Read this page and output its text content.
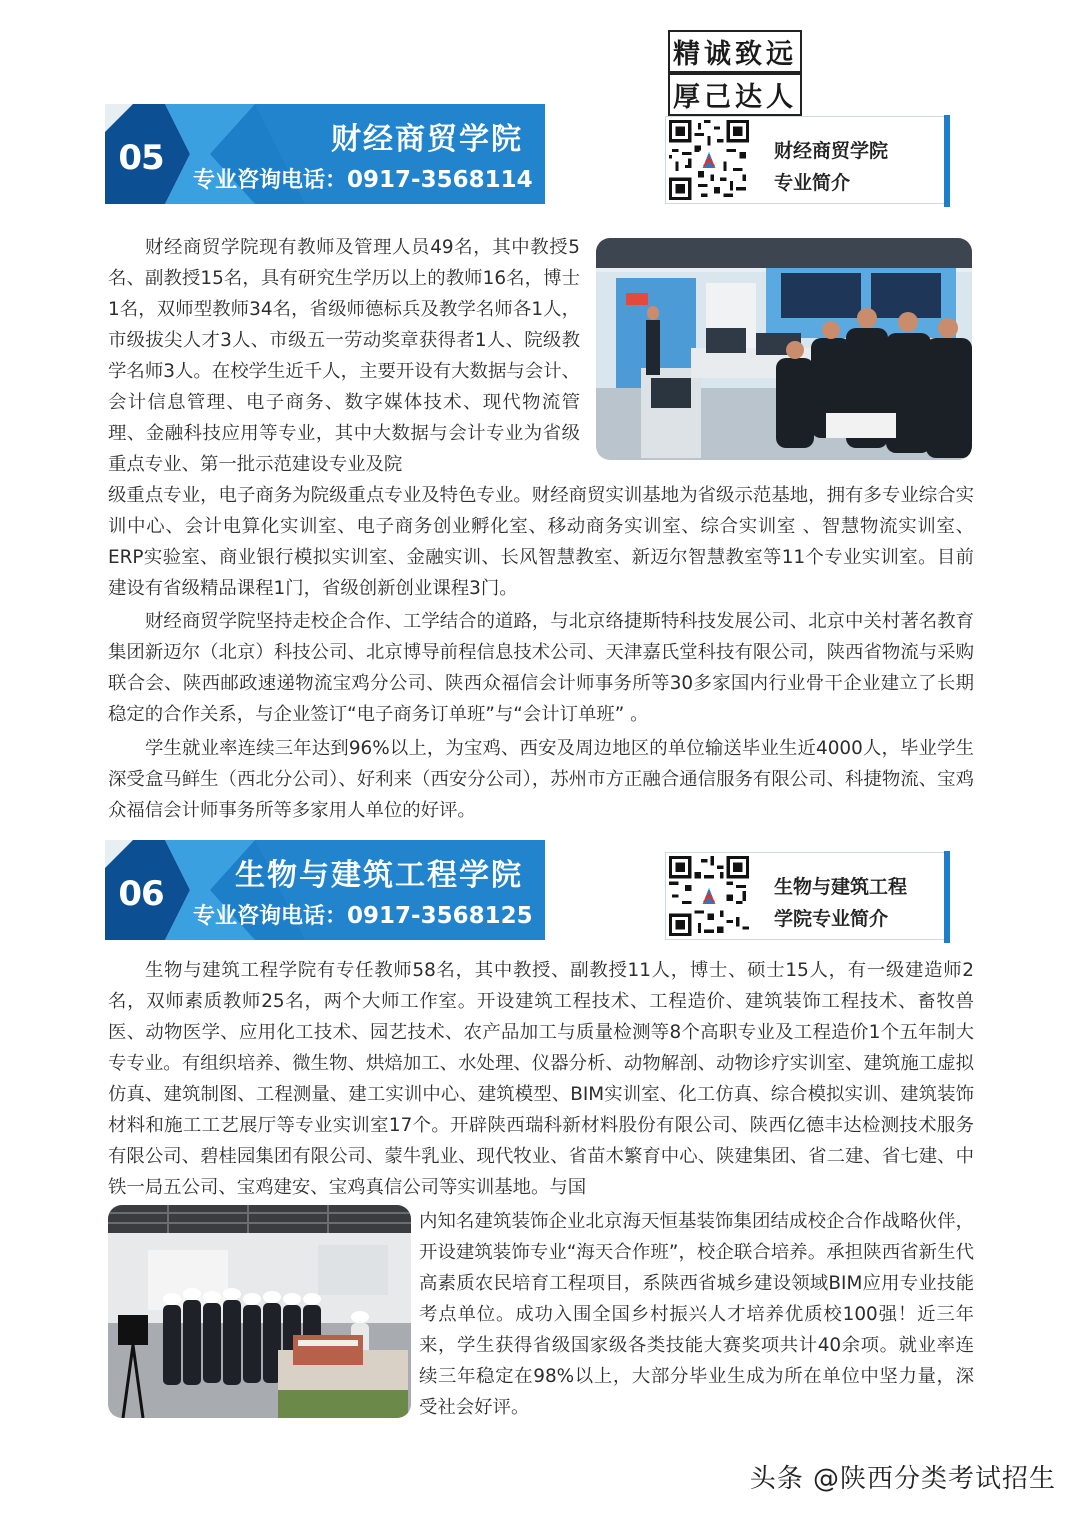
精诚致远  厚己达人
05	财经商贸学院
专业咨询电话：0917-3568114
财经商贸学院
专业简介
财经商贸学院现有教师及管理人员49名，其中教授5名、副教授15名，具有研究生学历以上的教师16名，博士1名，双师型教师34名，省级师德标兵及教学名师各1人，市级拔尖人才3人、市级五一劳动奖章获得者1人、院级教学名师3人。在校学生近千人，主要开设有大数据与会计、会计信息管理、电子商务、数字媒体技术、现代物流管理、金融科技应用等专业，其中大数据与会计专业为省级重点专业、第一批示范建设专业及院
级重点专业，电子商务为院级重点专业及特色专业。财经商贸实训基地为省级示范基地，拥有多专业综合实训中心、会计电算化实训室、电子商务创业孵化室、移动商务实训室、综合实训室 、智慧物流实训室、ERP实验室、商业银行模拟实训室、金融实训、长风智慧教室、新迈尔智慧教室等11个专业实训室。目前建设有省级精品课程1门，省级创新创业课程3门。
财经商贸学院坚持走校企合作、工学结合的道路，与北京络捷斯特科技发展公司、北京中关村著名教育集团新迈尔（北京）科技公司、北京博导前程信息技术公司、天津嘉氏堂科技有限公司，陕西省物流与采购联合会、陕西邮政速递物流宝鸡分公司、陕西众福信会计师事务所等30多家国内行业骨干企业建立了长期稳定的合作关系，与企业签订“电子商务订单班”与“会计订单班” 。
学生就业率连续三年达到96%以上，为宝鸡、西安及周边地区的单位输送毕业生近4000人，毕业学生深受盒马鲜生（西北分公司）、好利来（西安分公司），苏州市方正融合通信服务有限公司、科捷物流、宝鸡众福信会计师事务所等多家用人单位的好评。
06 生物与建筑工程学院
专业咨询电话：0917-3568125
生物与建筑工程
学院专业简介
生物与建筑工程学院有专任教师58名，其中教授、副教授11人，博士、硕士15人，有一级建造师2名，双师素质教师25名，两个大师工作室。开设建筑工程技术、工程造价、建筑装饰工程技术、畜牧兽医、动物医学、应用化工技术、园艺技术、农产品加工与质量检测等8个高职专业及工程造价1个五年制大专专业。有组织培养、微生物、烘焙加工、水处理、仪器分析、动物解剖、动物诊疗实训室、建筑施工虚拟仿真、建筑制图、工程测量、建工实训中心、建筑模型、BIM实训室、化工仿真、综合模拟实训、建筑装饰材料和施工工艺展厅等专业实训室17个。开辟陕西瑞科新材料股份有限公司、陕西亿德丰达检测技术服务有限公司、碧桂园集团有限公司、蒙牛乳业、现代牧业、省苗木繁育中心、陕建集团、省二建、省七建、中铁一局五公司、宝鸡建安、宝鸡真信公司等实训基地。与国
内知名建筑装饰企业北京海天恒基装饰集团结成校企合作战略伙伴，开设建筑装饰专业“海天合作班”，校企联合培养。承担陕西省新生代高素质农民培育工程项目，系陕西省城乡建设领域BIM应用专业技能考点单位。成功入围全国乡村振兴人才培养优质校100强！近三年来，学生获得省级国家级各类技能大赛奖项共计40余项。就业率连续三年稳定在98%以上，大部分毕业生成为所在单位中坚力量，深受社会好评。
头条 @陕西分类考试招生
